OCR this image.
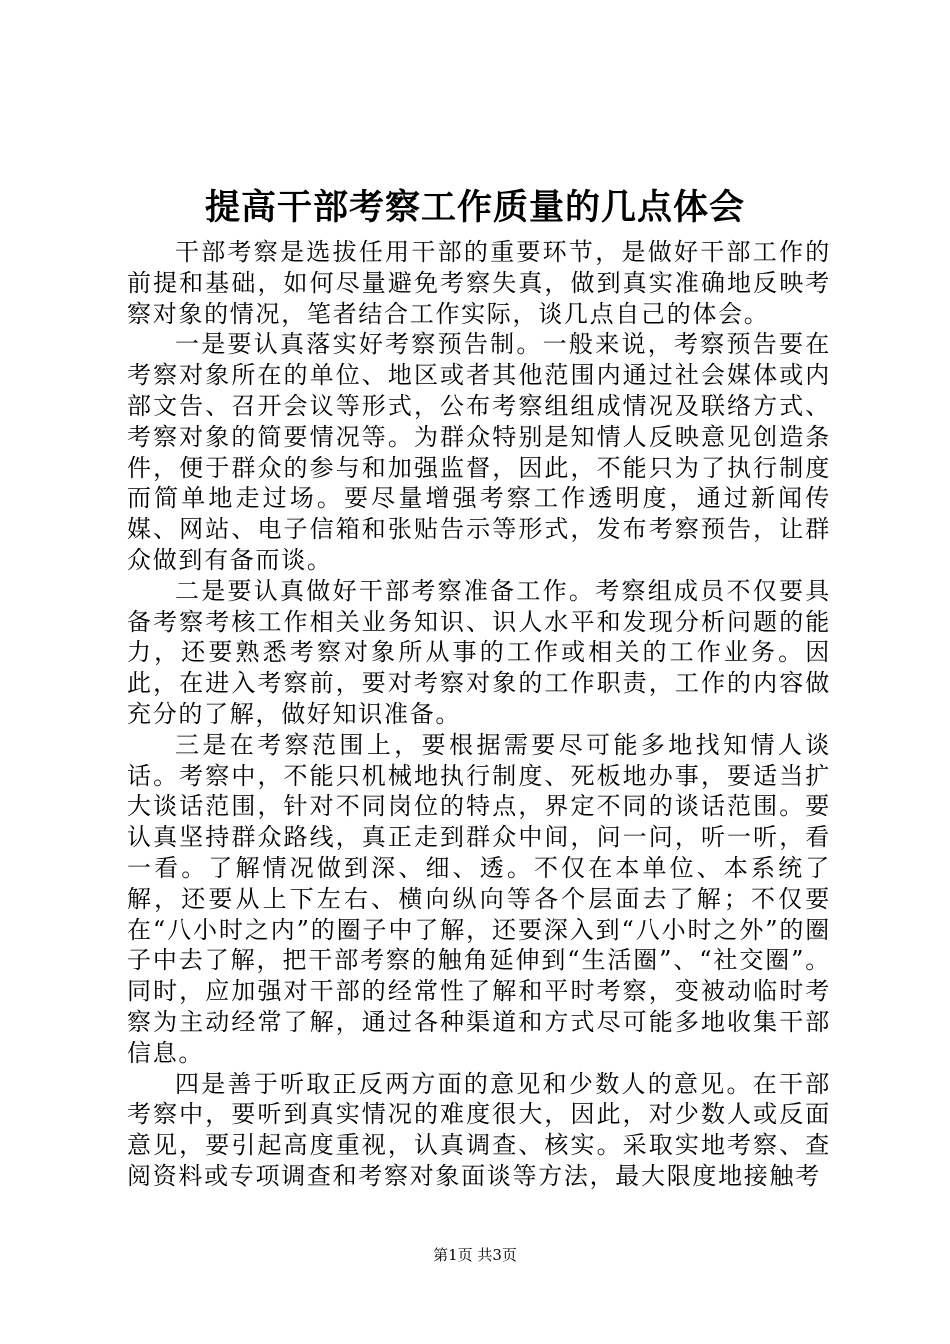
提高干部考察工作质量的几点体会

干部考察是选拔任用干部的重要环节，是做好干部工作的前提和基础，如何尽量避免考察失真，做到真实准确地反映考察对象的情况，笔者结合工作实际，谈几点自己的体会。

一是要认真落实好考察预告制。一般来说，考察预告要在考察对象所在的单位、地区或者其他范围内通过社会媒体或内部文告、召开会议等形式，公布考察组组成情况及联络方式、考察对象的简要情况等。为群众特别是知情人反映意见创造条件，便于群众的参与和加强监督，因此，不能只为了执行制度而简单地走过场。要尽量增强考察工作透明度，通过新闻传媒、网站、电子信箱和张贴告示等形式，发布考察预告，让群众做到有备而谈。

二是要认真做好干部考察准备工作。考察组成员不仅要具备考察考核工作相关业务知识、识人水平和发现分析问题的能力，还要熟悉考察对象所从事的工作或相关的工作业务。因此，在进入考察前，要对考察对象的工作职责，工作的内容做充分的了解，做好知识准备。

三是在考察范围上，要根据需要尽可能多地找知情人谈话。考察中，不能只机械地执行制度、死板地办事，要适当扩大谈话范围，针对不同岗位的特点，界定不同的谈话范围。要认真坚持群众路线，真正走到群众中间，问一问，听一听，看一看。了解情况做到深、细、透。不仅在本单位、本系统了解，还要从上下左右、横向纵向等各个层面去了解；不仅要在“八小时之内”的圈子中了解，还要深入到“八小时之外”的圈子中去了解，把干部考察的触角延伸到“生活圈”、“社交圈”。同时，应加强对干部的经常性了解和平时考察，变被动临时考察为主动经常了解，通过各种渠道和方式尽可能多地收集干部信息。

四是善于听取正反两方面的意见和少数人的意见。在干部考察中，要听到真实情况的难度很大，因此，对少数人或反面意见，要引起高度重视，认真调查、核实。采取实地考察、查阅资料或专项调查和考察对象面谈等方法，最大限度地接触考

第1页 共3页
